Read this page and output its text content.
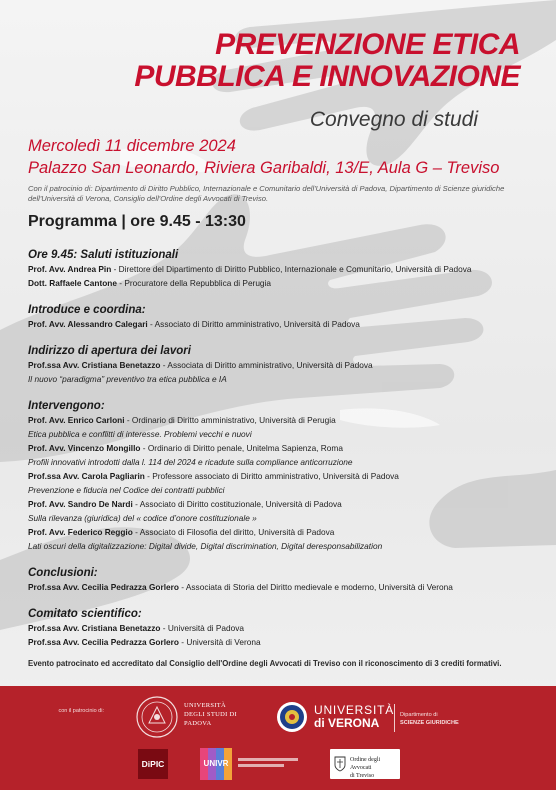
PREVENZIONE ETICA
PUBBLICA E INNOVAZIONE
Convegno di studi
Mercoledì 11 dicembre 2024
Palazzo San Leonardo, Riviera Garibaldi, 13/E, Aula G – Treviso
Con il patrocinio di: Dipartimento di Diritto Pubblico, Internazionale e Comunitario dell'Università di Padova, Dipartimento di Scienze giuridiche dell'Università di Verona, Consiglio dell'Ordine degli Avvocati di Treviso.
Programma | ore 9.45 - 13:30
Ore 9.45: Saluti istituzionali
Prof. Avv. Andrea Pin - Direttore del Dipartimento di Diritto Pubblico, Internazionale e Comunitario, Università di Padova
Dott. Raffaele Cantone - Procuratore della Repubblica di Perugia
Introduce e coordina:
Prof. Avv. Alessandro Calegari - Associato di Diritto amministrativo, Università di Padova
Indirizzo di apertura dei lavori
Prof.ssa Avv. Cristiana Benetazzo - Associata di Diritto amministrativo, Università di Padova
Il nuovo “paradigma” preventivo tra etica pubblica e IA
Intervengono:
Prof. Avv. Enrico Carloni - Ordinario di Diritto amministrativo, Università di Perugia
Etica pubblica e conflitti di interesse. Problemi vecchi e nuovi
Prof. Avv. Vincenzo Mongillo - Ordinario di Diritto penale, Unitelma Sapienza, Roma
Profili innovativi introdotti dalla l. 114 del 2024 e ricadute sulla compliance anticorruzione
Prof.ssa Avv. Carola Pagliarin - Professore associato di Diritto amministrativo, Università di Padova
Prevenzione e fiducia nel Codice dei contratti pubblici
Prof. Avv. Sandro De Nardi - Associato di Diritto costituzionale, Università di Padova
Sulla rilevanza (giuridica) del « codice d’onore costituzionale »
Prof. Avv. Federico Reggio - Associato di Filosofia del diritto, Università di Padova
Lati oscuri della digitalizzazione: Digital divide, Digital discrimination, Digital deresponsabilization
Conclusioni:
Prof.ssa Avv. Cecilia Pedrazza Gorlero - Associata di Storia del Diritto medievale e moderno, Università di Verona
Comitato scientifico:
Prof.ssa Avv. Cristiana Benetazzo - Università di Padova
Prof.ssa Avv. Cecilia Pedrazza Gorlero - Università di Verona
Evento patrocinato ed accreditato dal Consiglio dell'Ordine degli Avvocati di Treviso con il riconoscimento di 3 crediti formativi.
con il patrocinio di:
UNIVERSITÀ DEGLI STUDI DI PADOVA
UNIVERSITÀ
di VERONA
Dipartimento di
SCIENZE GIURIDICHE
DiPIC	UNIVR	Ordine degli Avvocati
di Treviso
